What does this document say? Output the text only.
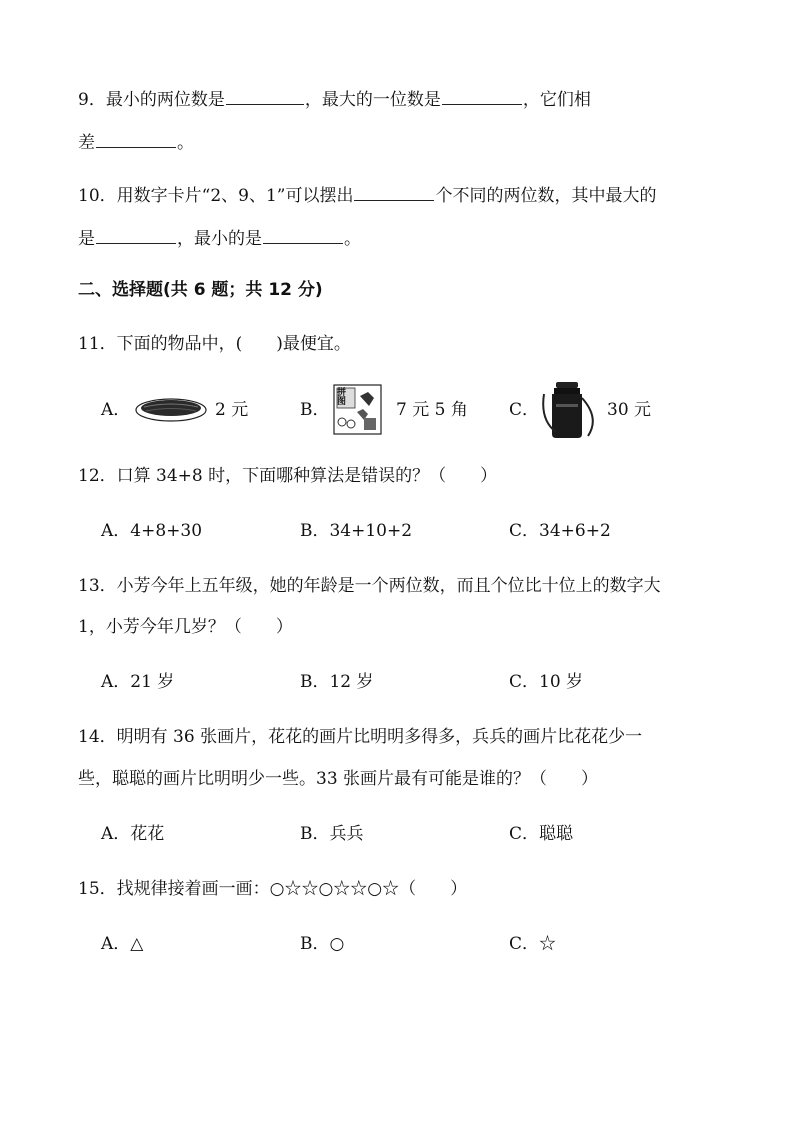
9．最小的两位数是	，最大的一位数是	，它们相
差	。
10．用数字卡片“2、9、1”可以摆出	个不同的两位数，其中最大的
是	，最小的是	。
二、选择题(共 6 题；共 12 分)
11．下面的物品中，(　　)最便宜。
A．	2 元	B．
拼图	7 元 5 角 C．	30 元
12．口算 34+8 时，下面哪种算法是错误的？（　　）
A．4+8+30	B．34+10+2	C．34+6+2
13．小芳今年上五年级，她的年龄是一个两位数，而且个位比十位上的数字大
1，小芳今年几岁？（　　）
A．21 岁	B．12 岁	C．10 岁
14．明明有 36 张画片，花花的画片比明明多得多，兵兵的画片比花花少一
些，聪聪的画片比明明少一些。33 张画片最有可能是谁的？（　　）
A．花花	B．兵兵	C．聪聪
15．找规律接着画一画：○☆☆○☆☆○☆（　　）
A．△	B．○	C．☆
